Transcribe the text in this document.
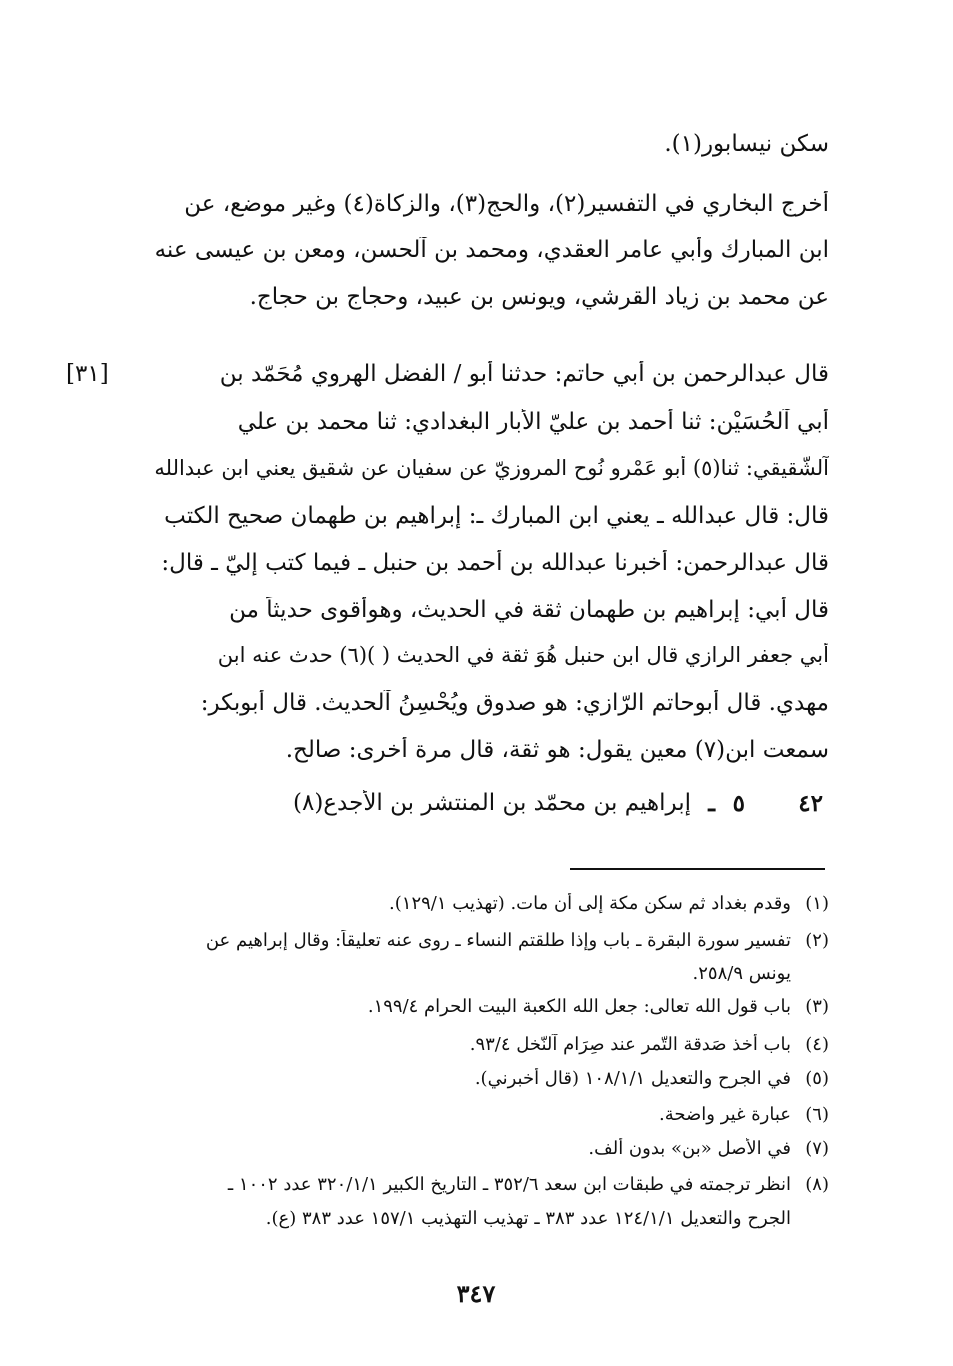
سكن نيسابور(١).
أخرج البخاري في التفسير(٢)، والحج(٣)، والزكاة(٤) وغير موضع، عن
ابن المبارك وأبي عامر العقدي، ومحمد بن آلحسن، ومعن بن عيسى عنه
عن محمد بن زياد القرشي، ويونس بن عبيد، وحجاج بن حجاج.
[٣١]	قال عبدالرحمن بن أبي حاتم: حدثنا أبو / الفضل الهروي مُحَمّد بن
أبي آلحُسَيْن: ثنا أحمد بن عليّ الأبار البغدادي: ثنا محمد بن علي
آلشّقيقي: ثنا(٥) أبو عَمْرو نُوح المروزيّ عن سفيان عن شقيق يعني ابن عبدالله
قال: قال عبدالله ـ يعني ابن المبارك ـ: إبراهيم بن طهمان صحيح الكتب
قال عبدالرحمن: أخبرنا عبدالله بن أحمد بن حنبل ـ فيما كتب إليّ ـ قال:
قال أبي: إبراهيم بن طهمان ثقة في الحديث، وهوأقوى حديثاً من
أبي جعفر الرازي قال ابن حنبل هُوَ ثقة في الحديث ( )(٦) حدث عنه ابن
مهدي. قال أبوحاتم الرّازي: هو صدوق ويُحْسِنُ آلحديث. قال أبوبكر:
سمعت ابن(٧) معين يقول: هو ثقة، قال مرة أخرى: صالح.
٤٢
٥
ـ
إبراهيم بن محمّد بن المنتشر بن الأجدع(٨)
(١)
وقدم بغداد ثم سكن مكة إلى أن مات. (تهذيب ١٢٩/١).
(٢)
تفسير سورة البقرة ـ باب وإذا طلقتم النساء ـ روى عنه تعليقاً: وقال إبراهيم عن
يونس ٢٥٨/٩.
(٣)
باب قول الله تعالى: جعل الله الكعبة البيت الحرام ١٩٩/٤.
(٤)
باب أخذ صَدقة التّمر عند صِرَام آلنّخل ٩٣/٤.
(٥)
في الجرح والتعديل ١٠٨/١/١ (قال أخبرني).
(٦)
عبارة غير واضحة.
(٧)
في الأصل «بن» بدون ألف.
(٨)
انظر ترجمته في طبقات ابن سعد ٣٥٢/٦ ـ التاريخ الكبير ٣٢٠/١/١ عدد ١٠٠٢ ـ
الجرح والتعديل ١٢٤/١/١ عدد ٣٨٣ ـ تهذيب التهذيب ١٥٧/١ عدد ٣٨٣ (ع).
٣٤٧
